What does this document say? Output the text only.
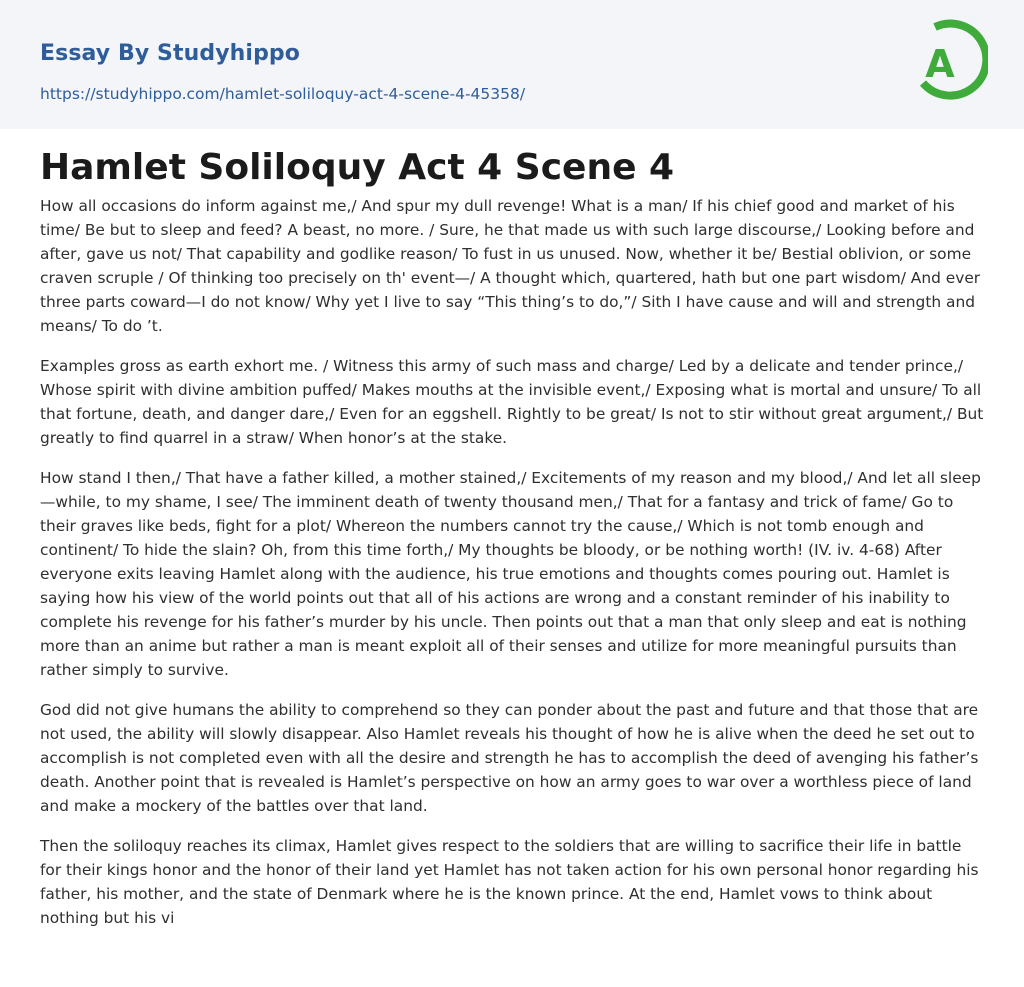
Essay By Studyhippo
https://studyhippo.com/hamlet-soliloquy-act-4-scene-4-45358/
A
Hamlet Soliloquy Act 4 Scene 4

How all occasions do inform against me,/ And spur my dull revenge! What is a man/ If his chief good and market of his time/ Be but to sleep and feed? A beast, no more. / Sure, he that made us with such large discourse,/ Looking before and after, gave us not/ That capability and godlike reason/ To fust in us unused. Now, whether it be/ Bestial oblivion, or some craven scruple / Of thinking too precisely on th' event—/ A thought which, quartered, hath but one part wisdom/ And ever three parts coward—I do not know/ Why yet I live to say “This thing’s to do,”/ Sith I have cause and will and strength and means/ To do ’t.

Examples gross as earth exhort me. / Witness this army of such mass and charge/ Led by a delicate and tender prince,/ Whose spirit with divine ambition puffed/ Makes mouths at the invisible event,/ Exposing what is mortal and unsure/ To all that fortune, death, and danger dare,/ Even for an eggshell. Rightly to be great/ Is not to stir without great argument,/ But greatly to find quarrel in a straw/ When honor’s at the stake.

How stand I then,/ That have a father killed, a mother stained,/ Excitements of my reason and my blood,/ And let all sleep—while, to my shame, I see/ The imminent death of twenty thousand men,/ That for a fantasy and trick of fame/ Go to their graves like beds, fight for a plot/ Whereon the numbers cannot try the cause,/ Which is not tomb enough and continent/ To hide the slain? Oh, from this time forth,/ My thoughts be bloody, or be nothing worth! (IV. iv. 4-68) After everyone exits leaving Hamlet along with the audience, his true emotions and thoughts comes pouring out. Hamlet is saying how his view of the world points out that all of his actions are wrong and a constant reminder of his inability to complete his revenge for his father’s murder by his uncle. Then points out that a man that only sleep and eat is nothing more than an anime but rather a man is meant exploit all of their senses and utilize for more meaningful pursuits than rather simply to survive.

God did not give humans the ability to comprehend so they can ponder about the past and future and that those that are not used, the ability will slowly disappear. Also Hamlet reveals his thought of how he is alive when the deed he set out to accomplish is not completed even with all the desire and strength he has to accomplish the deed of avenging his father’s death. Another point that is revealed is Hamlet’s perspective on how an army goes to war over a worthless piece of land and make a mockery of the battles over that land.

Then the soliloquy reaches its climax, Hamlet gives respect to the soldiers that are willing to sacrifice their life in battle for their kings honor and the honor of their land yet Hamlet has not taken action for his own personal honor regarding his father, his mother, and the state of Denmark where he is the known prince. At the end, Hamlet vows to think about nothing but his vi
